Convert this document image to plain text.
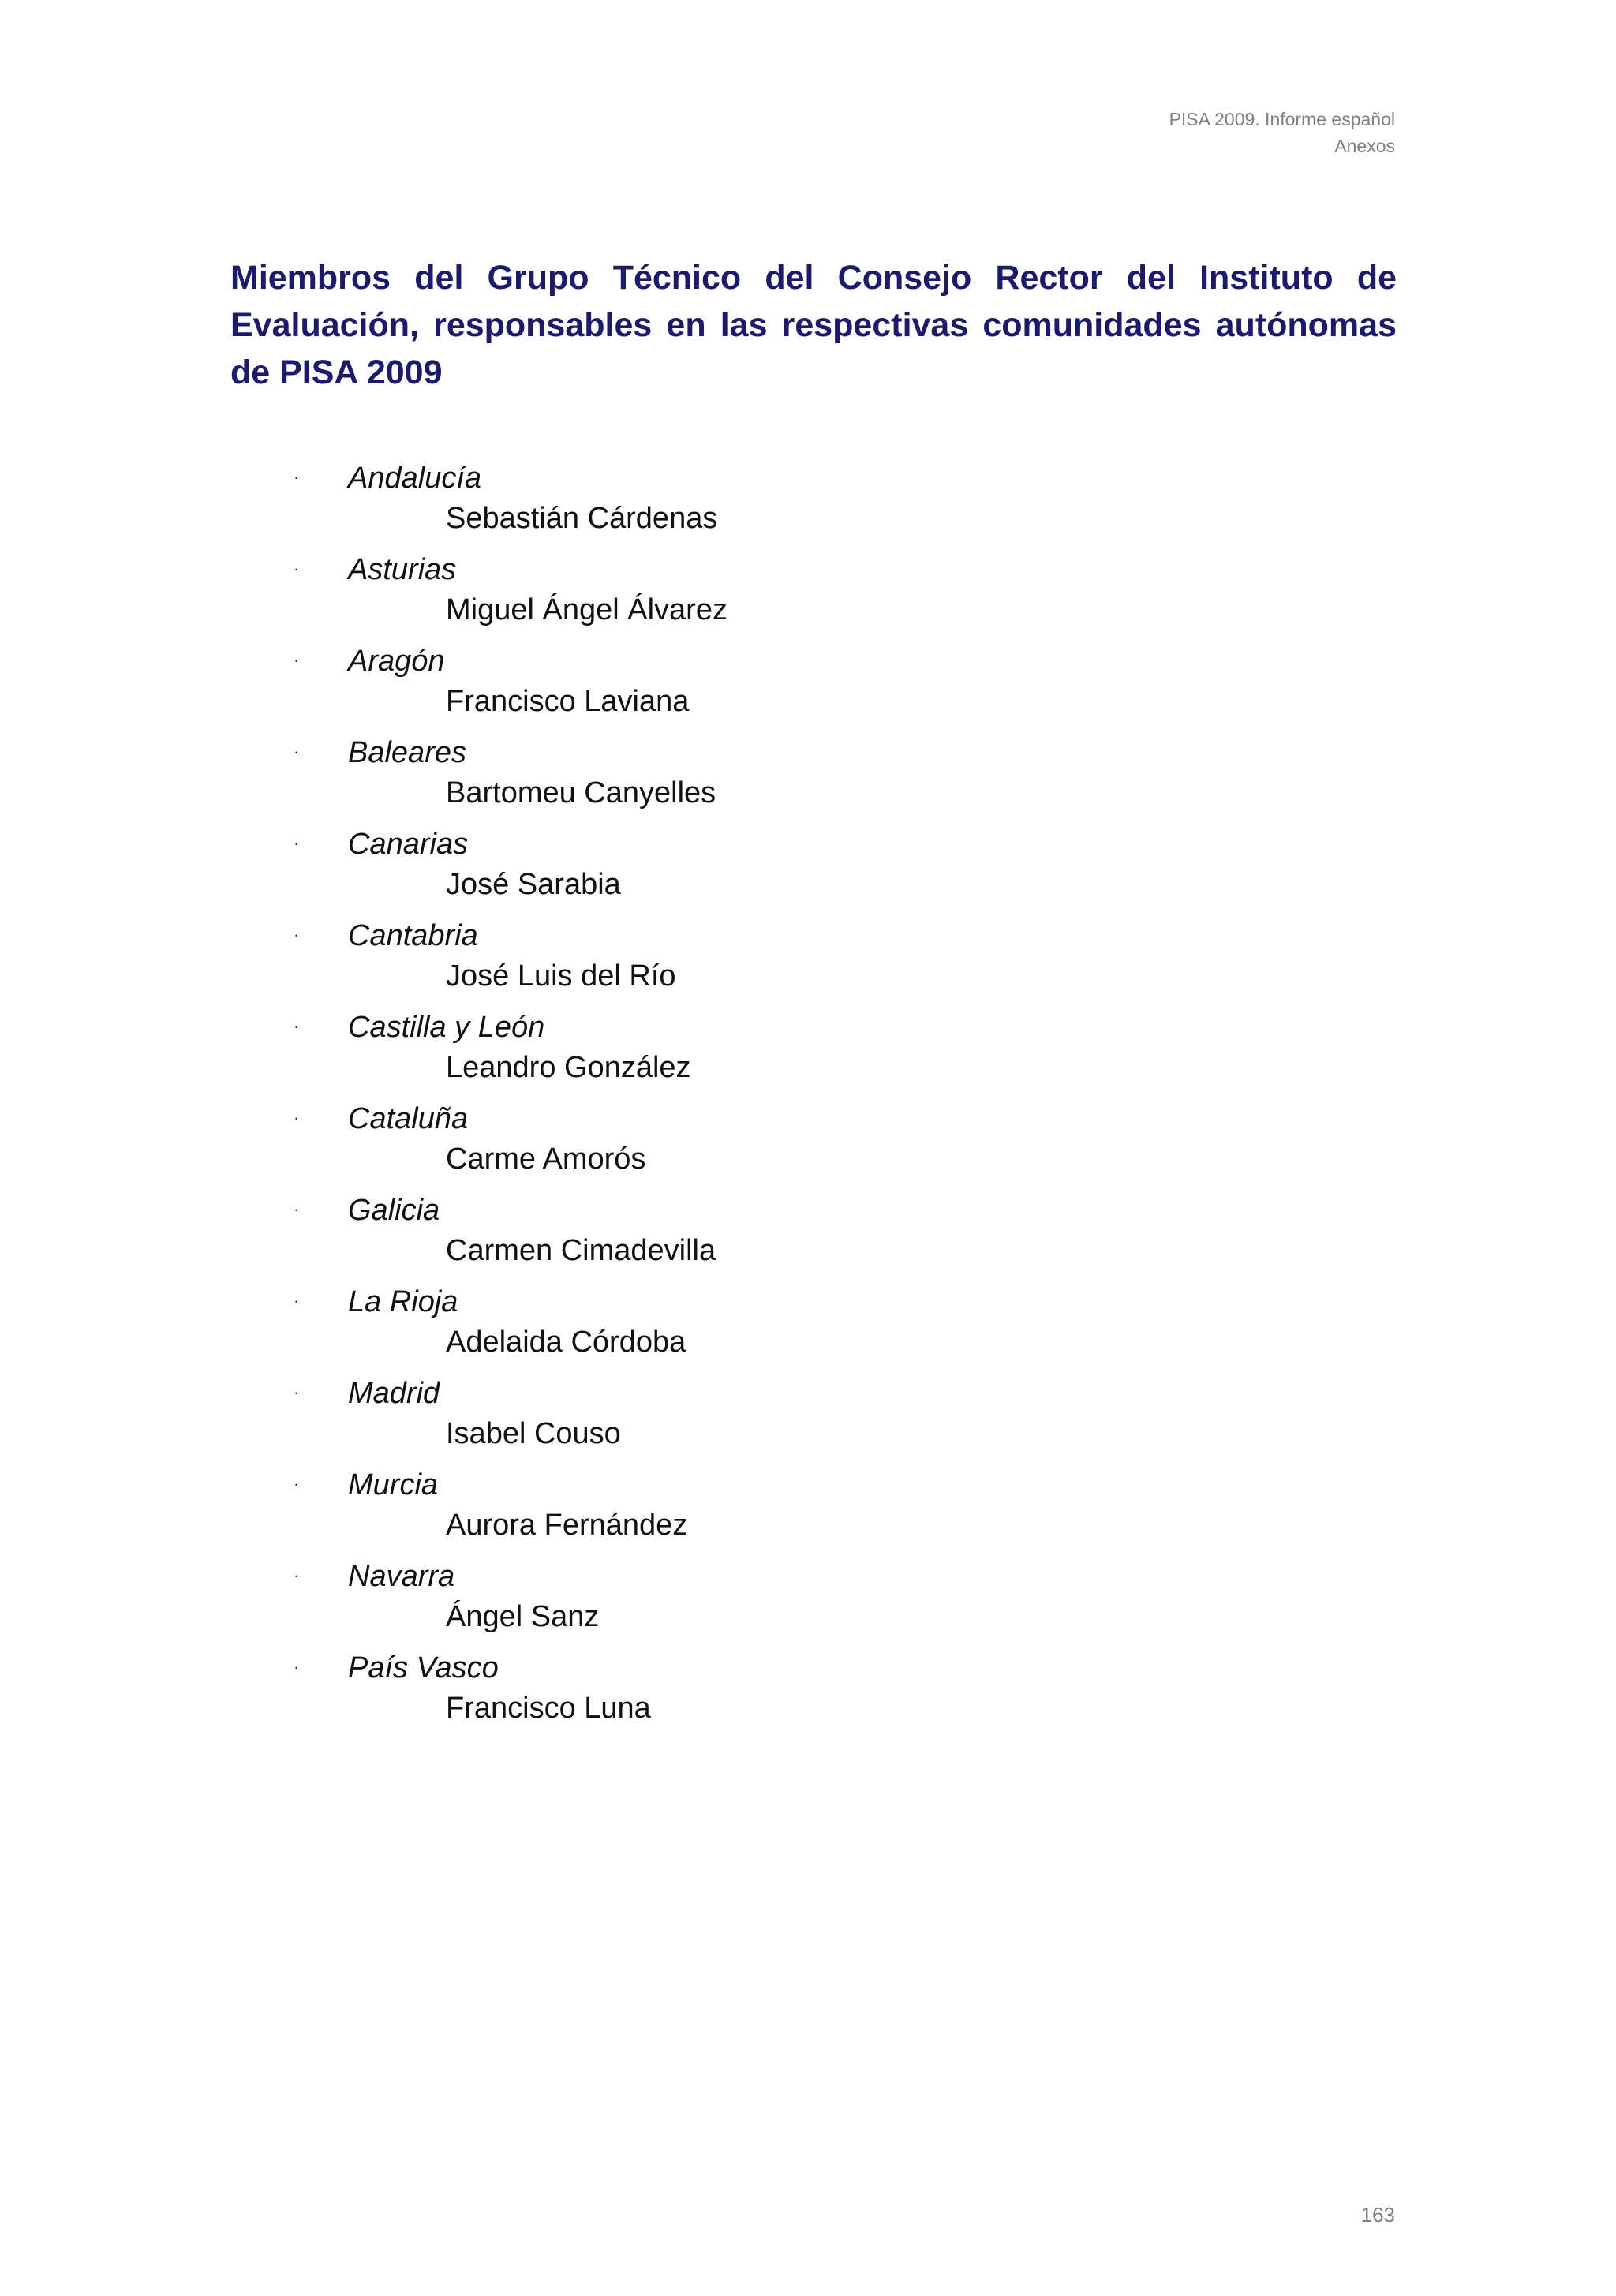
PISA 2009. Informe español
Anexos
Miembros del Grupo Técnico del Consejo Rector del Instituto de Evaluación, responsables en las respectivas comunidades autónomas de PISA 2009
· Andalucía
Sebastián Cárdenas
· Asturias
Miguel Ángel Álvarez
· Aragón
Francisco Laviana
· Baleares
Bartomeu Canyelles
· Canarias
José Sarabia
· Cantabria
José Luis del Río
· Castilla y León
Leandro González
· Cataluña
Carme Amorós
· Galicia
Carmen Cimadevilla
· La Rioja
Adelaida Córdoba
· Madrid
Isabel Couso
· Murcia
Aurora Fernández
· Navarra
Ángel Sanz
· País Vasco
Francisco Luna
163
